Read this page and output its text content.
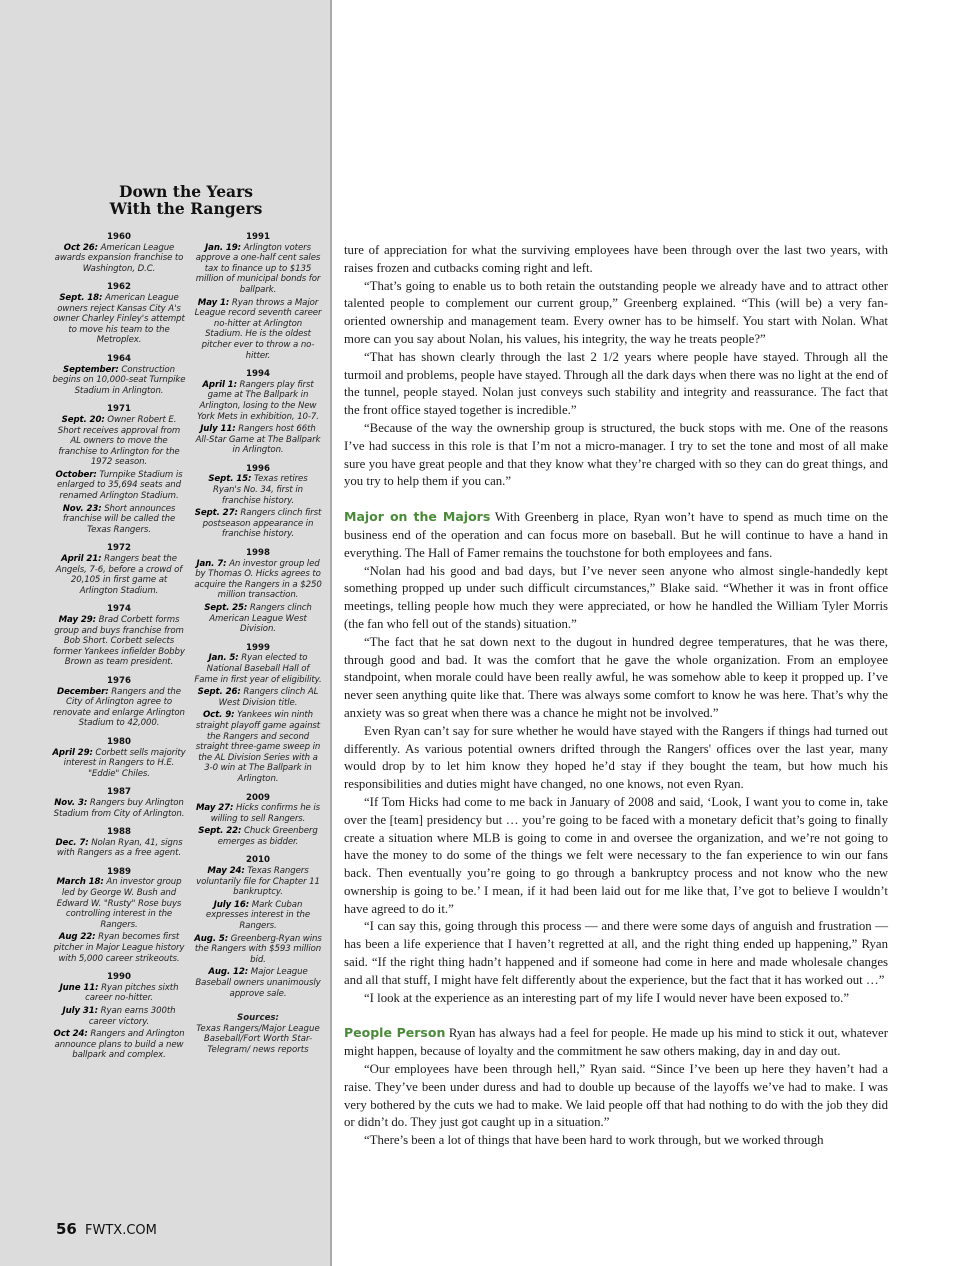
Down the Years
With the Rangers
1960
Oct 26: American League awards expansion franchise to Washington, D.C.
1962
Sept. 18: American League owners reject Kansas City A's owner Charley Finley's attempt to move his team to the Metroplex.
1964
September: Construction begins on 10,000-seat Turnpike Stadium in Arlington.
1971
Sept. 20: Owner Robert E. Short receives approval from AL owners to move the franchise to Arlington for the 1972 season.
October: Turnpike Stadium is enlarged to 35,694 seats and renamed Arlington Stadium.
Nov. 23: Short announces franchise will be called the Texas Rangers.
1972
April 21: Rangers beat the Angels, 7-6, before a crowd of 20,105 in first game at Arlington Stadium.
1974
May 29: Brad Corbett forms group and buys franchise from Bob Short. Corbett selects former Yankees infielder Bobby Brown as team president.
1976
December: Rangers and the City of Arlington agree to renovate and enlarge Arlington Stadium to 42,000.
1980
April 29: Corbett sells majority interest in Rangers to H.E. "Eddie" Chiles.
1987
Nov. 3: Rangers buy Arlington Stadium from City of Arlington.
1988
Dec. 7: Nolan Ryan, 41, signs with Rangers as a free agent.
1989
March 18: An investor group led by George W. Bush and Edward W. "Rusty" Rose buys controlling interest in the Rangers.
Aug 22: Ryan becomes first pitcher in Major League history with 5,000 career strikeouts.
1990
June 11: Ryan pitches sixth career no-hitter.
July 31: Ryan earns 300th career victory.
Oct 24: Rangers and Arlington announce plans to build a new ballpark and complex.
1991
Jan. 19: Arlington voters approve a one-half cent sales tax to finance up to $135 million of municipal bonds for ballpark.
May 1: Ryan throws a Major League record seventh career no-hitter at Arlington Stadium. He is the oldest pitcher ever to throw a no-hitter.
1994
April 1: Rangers play first game at The Ballpark in Arlington, losing to the New York Mets in exhibition, 10-7.
July 11: Rangers host 66th All-Star Game at The Ballpark in Arlington.
1996
Sept. 15: Texas retires Ryan's No. 34, first in franchise history.
Sept. 27: Rangers clinch first postseason appearance in franchise history.
1998
Jan. 7: An investor group led by Thomas O. Hicks agrees to acquire the Rangers in a $250 million transaction.
Sept. 25: Rangers clinch American League West Division.
1999
Jan. 5: Ryan elected to National Baseball Hall of Fame in first year of eligibility.
Sept. 26: Rangers clinch AL West Division title.
Oct. 9: Yankees win ninth straight playoff game against the Rangers and second straight three-game sweep in the AL Division Series with a 3-0 win at The Ballpark in Arlington.
2009
May 27: Hicks confirms he is willing to sell Rangers.
Sept. 22: Chuck Greenberg emerges as bidder.
2010
May 24: Texas Rangers voluntarily file for Chapter 11 bankruptcy.
July 16: Mark Cuban expresses interest in the Rangers.
Aug. 5: Greenberg-Ryan wins the Rangers with $593 million bid.
Aug. 12: Major League Baseball owners unanimously approve sale.
Sources:
Texas Rangers/Major League Baseball/Fort Worth Star-Telegram/ news reports
56 FWTX.COM

ture of appreciation for what the surviving employees have been through over the last two years, with raises frozen and cutbacks coming right and left.

“That’s going to enable us to both retain the outstanding people we already have and to attract other talented people to complement our current group,” Greenberg explained. “This (will be) a very fan-oriented ownership and management team. Every owner has to be himself. You start with Nolan. What more can you say about Nolan, his values, his integrity, the way he treats people?”

“That has shown clearly through the last 2 1/2 years where people have stayed. Through all the turmoil and problems, people have stayed. Through all the dark days when there was no light at the end of the tunnel, people stayed. Nolan just conveys such stability and integrity and reassurance. The fact that the front office stayed together is incredible.”

“Because of the way the ownership group is structured, the buck stops with me. One of the reasons I’ve had success in this role is that I’m not a micro-manager. I try to set the tone and most of all make sure you have great people and that they know what they’re charged with so they can do great things, and you try to help them if you can.”

Major on the Majors With Greenberg in place, Ryan won’t have to spend as much time on the business end of the operation and can focus more on baseball. But he will continue to have a hand in everything. The Hall of Famer remains the touchstone for both employees and fans.

“Nolan had his good and bad days, but I’ve never seen anyone who almost single-handedly kept something propped up under such difficult circumstances,” Blake said. “Whether it was in front office meetings, telling people how much they were appreciated, or how he handled the William Tyler Morris (the fan who fell out of the stands) situation.”

“The fact that he sat down next to the dugout in hundred degree temperatures, that he was there, through good and bad. It was the comfort that he gave the whole organization. From an employee standpoint, when morale could have been really awful, he was somehow able to keep it propped up. I’ve never seen anything quite like that. There was always some comfort to know he was here. That’s why the anxiety was so great when there was a chance he might not be involved.”

Even Ryan can’t say for sure whether he would have stayed with the Rangers if things had turned out differently. As various potential owners drifted through the Rangers' offices over the last year, many would drop by to let him know they hoped he’d stay if they bought the team, but how much his responsibilities and duties might have changed, no one knows, not even Ryan.

“If Tom Hicks had come to me back in January of 2008 and said, ‘Look, I want you to come in, take over the [team] presidency but … you’re going to be faced with a monetary deficit that’s going to finally create a situation where MLB is going to come in and oversee the organization, and we’re not going to have the money to do some of the things we felt were necessary to the fan experience to win our fans back. Then eventually you’re going to go through a bankruptcy process and not know who the new ownership is going to be.’ I mean, if it had been laid out for me like that, I’ve got to believe I wouldn’t have agreed to do it.”

“I can say this, going through this process — and there were some days of anguish and frustration — has been a life experience that I haven’t regretted at all, and the right thing ended up happening,” Ryan said. “If the right thing hadn’t happened and if someone had come in here and made wholesale changes and all that stuff, I might have felt differently about the experience, but the fact that it has worked out …”

“I look at the experience as an interesting part of my life I would never have been exposed to.”

People Person Ryan has always had a feel for people. He made up his mind to stick it out, whatever might happen, because of loyalty and the commitment he saw others making, day in and day out.

“Our employees have been through hell,” Ryan said. “Since I’ve been up here they haven’t had a raise. They’ve been under duress and had to double up because of the layoffs we’ve had to make. I was very bothered by the cuts we had to make. We laid people off that had nothing to do with the job they did or didn’t do. They just got caught up in a situation.”

“There’s been a lot of things that have been hard to work through, but we worked through
